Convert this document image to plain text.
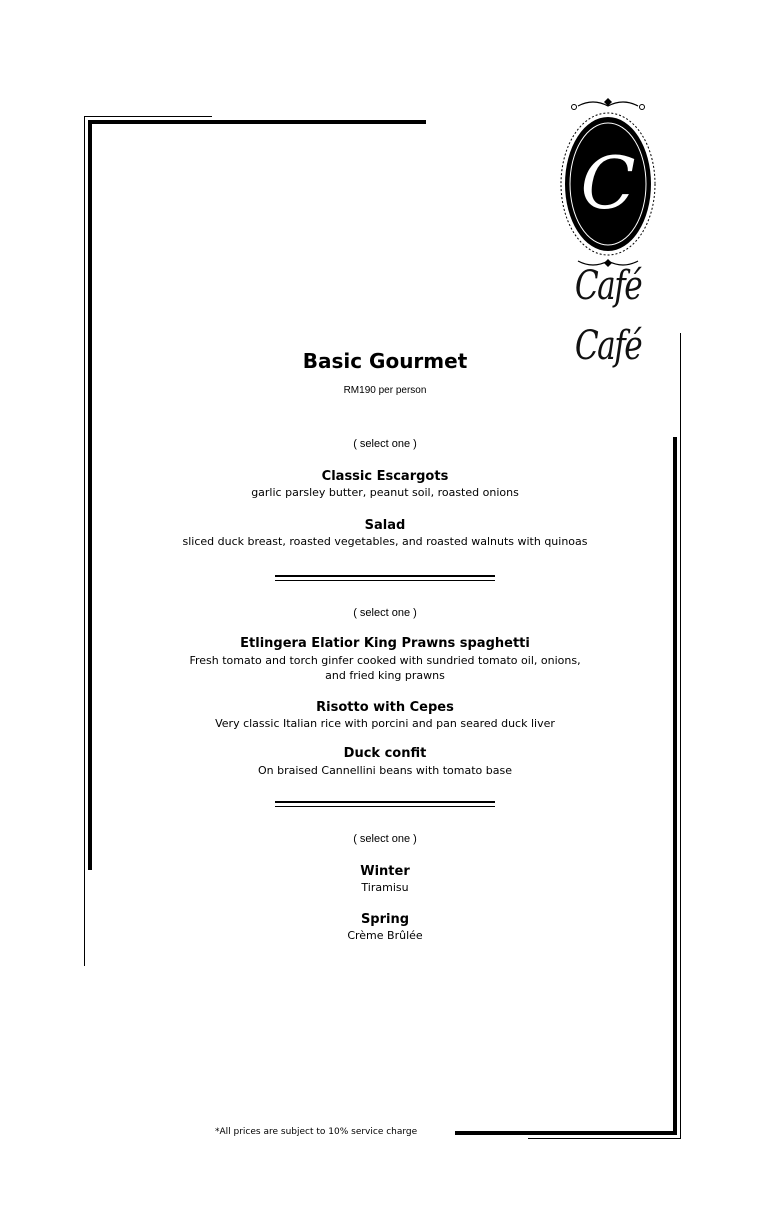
C
Café Café
Basic Gourmet
RM190 per person
( select one )
Classic Escargots
garlic parsley butter, peanut soil, roasted onions
Salad
sliced duck breast, roasted vegetables, and roasted walnuts with quinoas
( select one )
Etlingera Elatior King Prawns spaghetti
Fresh tomato and torch ginfer cooked with sundried tomato oil, onions,
and fried king prawns
Risotto with Cepes
Very classic Italian rice with porcini and pan seared duck liver
Duck confit
On braised Cannellini beans with tomato base
( select one )
Winter
Tiramisu
Spring
Crème Brûlée
*All prices are subject to 10% service charge
